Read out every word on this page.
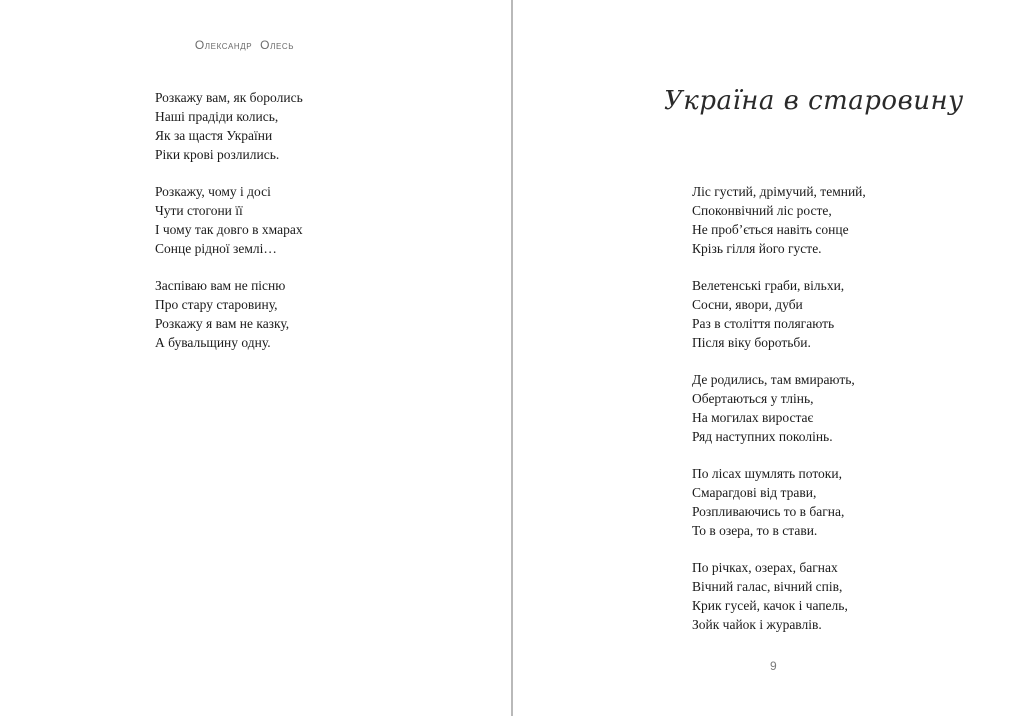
Олександр Олесь

Розкажу вам, як боролись
Наші прадіди колись,
Як за щастя України
Ріки крові розлились.
Розкажу, чому і досі
Чути стогони її
І чому так довго в хмарах
Сонце рідної землі…
Заспіваю вам не пісню
Про стару старовину,
Розкажу я вам не казку,
А бувальщину одну.
Україна в старовину
Ліс густий, дрімучий, темний,
Споконвічний ліс росте,
Не проб’ється навіть сонце
Крізь гілля його густе.
Велетенські граби, вільхи,
Сосни, явори, дуби
Раз в століття полягають
Після віку боротьби.
Де родились, там вмирають,
Обертаються у тлінь,
На могилах виростає
Ряд наступних поколінь.
По лісах шумлять потоки,
Смарагдові від трави,
Розпливаючись то в багна,
То в озера, то в стави.
По річках, озерах, багнах
Вічний галас, вічний спів,
Крик гусей, качок і чапель,
Зойк чайок і журавлів.
9
